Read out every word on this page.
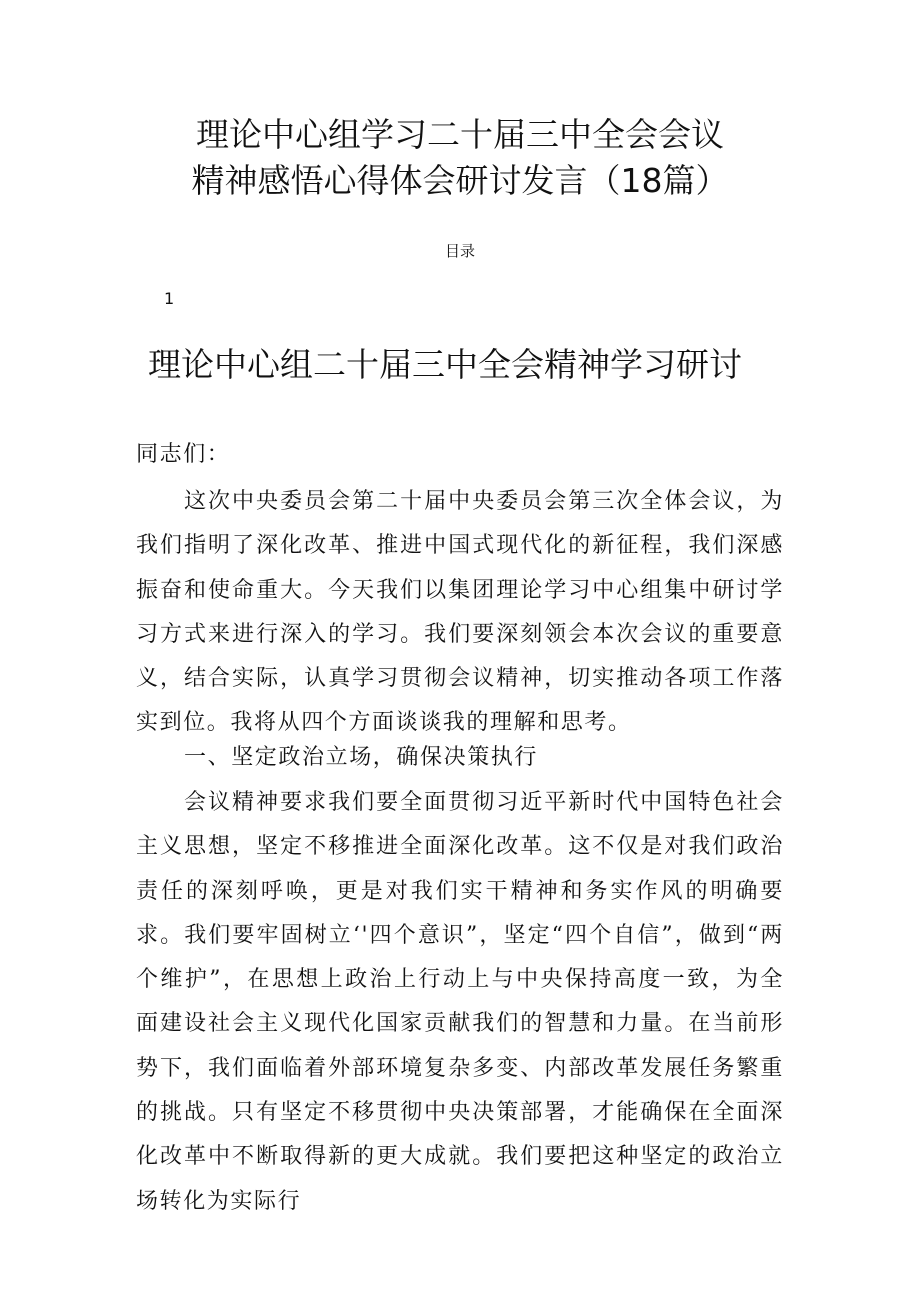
理论中心组学习二十届三中全会会议
精神感悟心得体会研讨发言（18篇）
目录
1
理论中心组二十届三中全会精神学习研讨
同志们：
这次中央委员会第二十届中央委员会第三次全体会议，为我们指明了深化改革、推进中国式现代化的新征程，我们深感振奋和使命重大。今天我们以集团理论学习中心组集中研讨学习方式来进行深入的学习。我们要深刻领会本次会议的重要意义，结合实际，认真学习贯彻会议精神，切实推动各项工作落实到位。我将从四个方面谈谈我的理解和思考。
一、坚定政治立场，确保决策执行
会议精神要求我们要全面贯彻习近平新时代中国特色社会主义思想，坚定不移推进全面深化改革。这不仅是对我们政治责任的深刻呼唤，更是对我们实干精神和务实作风的明确要求。我们要牢固树立‘'四个意识”，坚定“四个自信”，做到“两个维护”，在思想上政治上行动上与中央保持高度一致，为全面建设社会主义现代化国家贡献我们的智慧和力量。在当前形势下，我们面临着外部环境复杂多变、内部改革发展任务繁重的挑战。只有坚定不移贯彻中央决策部署，才能确保在全面深化改革中不断取得新的更大成就。我们要把这种坚定的政治立场转化为实际行
